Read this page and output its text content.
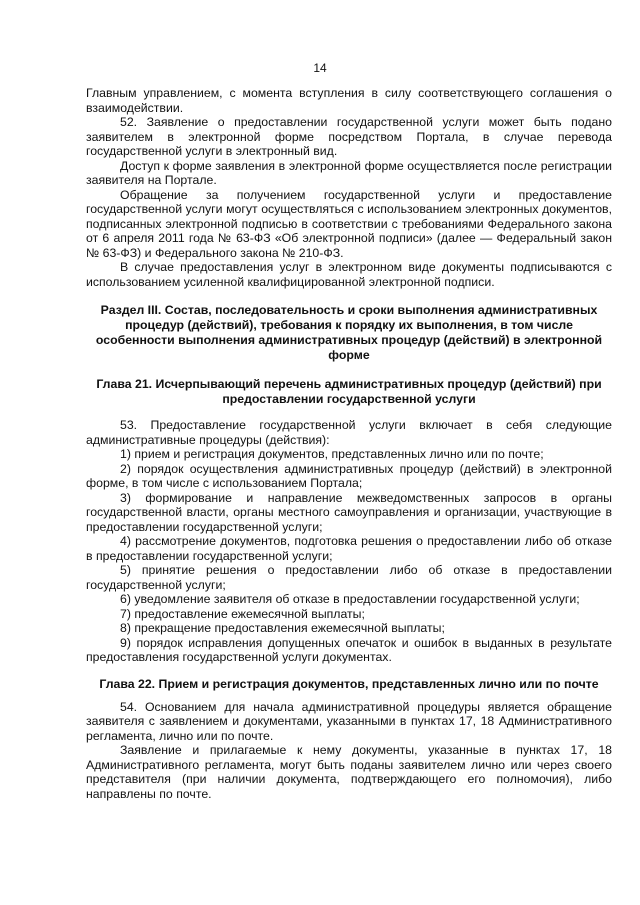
14

Главным управлением, с момента вступления в силу соответствующего соглашения о взаимодействии.

52. Заявление о предоставлении государственной услуги может быть подано заявителем в электронной форме посредством Портала, в случае перевода государственной услуги в электронный вид.

Доступ к форме заявления в электронной форме осуществляется после регистрации заявителя на Портале.

Обращение за получением государственной услуги и предоставление государственной услуги могут осуществляться с использованием электронных документов, подписанных электронной подписью в соответствии с требованиями Федерального закона от 6 апреля 2011 года № 63-ФЗ «Об электронной подписи» (далее — Федеральный закон № 63-ФЗ) и Федерального закона № 210-ФЗ.

В случае предоставления услуг в электронном виде документы подписываются с использованием усиленной квалифицированной электронной подписи.

Раздел III. Состав, последовательность и сроки выполнения административных процедур (действий), требования к порядку их выполнения, в том числе особенности выполнения административных процедур (действий) в электронной форме
Глава 21. Исчерпывающий перечень административных процедур (действий) при предоставлении государственной услуги

53. Предоставление государственной услуги включает в себя следующие административные процедуры (действия):

1) прием и регистрация документов, представленных лично или по почте;

2) порядок осуществления административных процедур (действий) в электронной форме, в том числе с использованием Портала;

3) формирование и направление межведомственных запросов в органы государственной власти, органы местного самоуправления и организации, участвующие в предоставлении государственной услуги;

4) рассмотрение документов, подготовка решения о предоставлении либо об отказе в предоставлении государственной услуги;

5) принятие решения о предоставлении либо об отказе в предоставлении государственной услуги;

6) уведомление заявителя об отказе в предоставлении государственной услуги;

7) предоставление ежемесячной выплаты;

8) прекращение предоставления ежемесячной выплаты;

9) порядок исправления допущенных опечаток и ошибок в выданных в результате предоставления государственной услуги документах.

Глава 22. Прием и регистрация документов, представленных лично или по почте

54. Основанием для начала административной процедуры является обращение заявителя с заявлением и документами, указанными в пунктах 17, 18 Административного регламента, лично или по почте.

Заявление и прилагаемые к нему документы, указанные в пунктах 17, 18 Административного регламента, могут быть поданы заявителем лично или через своего представителя (при наличии документа, подтверждающего его полномочия), либо направлены по почте.
